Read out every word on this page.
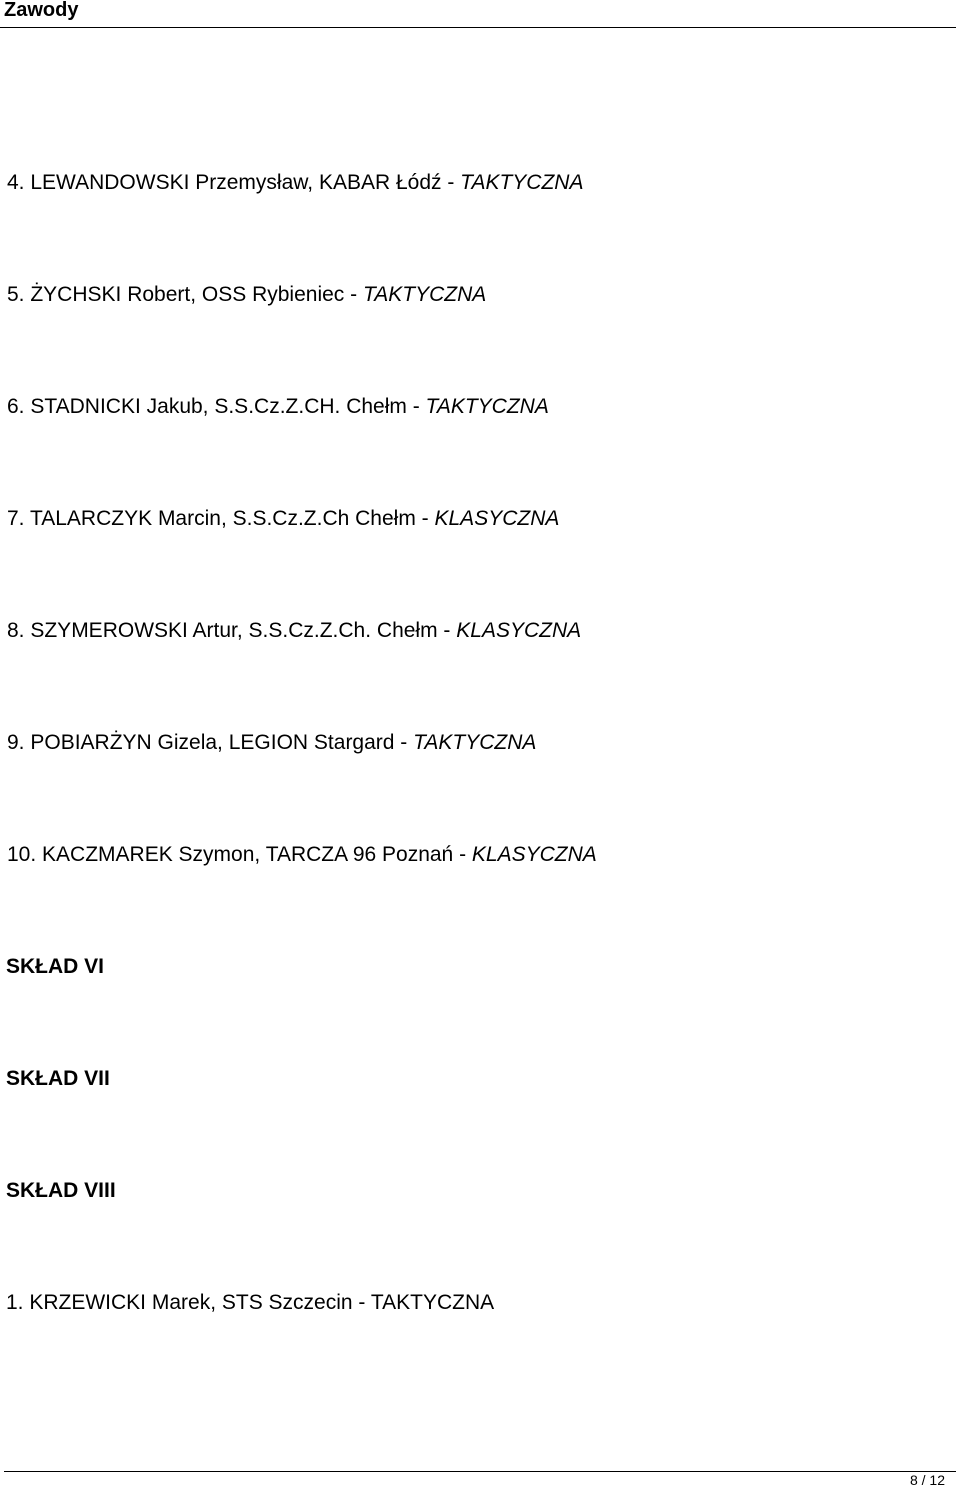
Zawody
4. LEWANDOWSKI Przemysław, KABAR Łódź - TAKTYCZNA
5. ŻYCHSKI Robert, OSS Rybieniec - TAKTYCZNA
6. STADNICKI Jakub, S.S.Cz.Z.CH. Chełm - TAKTYCZNA
7. TALARCZYK Marcin, S.S.Cz.Z.Ch Chełm - KLASYCZNA
8. SZYMEROWSKI Artur, S.S.Cz.Z.Ch. Chełm - KLASYCZNA
9. POBIARŻYN Gizela, LEGION Stargard - TAKTYCZNA
10. KACZMAREK Szymon, TARCZA 96 Poznań - KLASYCZNA
SKŁAD VI
SKŁAD VII
SKŁAD VIII
1. KRZEWICKI Marek, STS Szczecin - TAKTYCZNA
8 / 12
